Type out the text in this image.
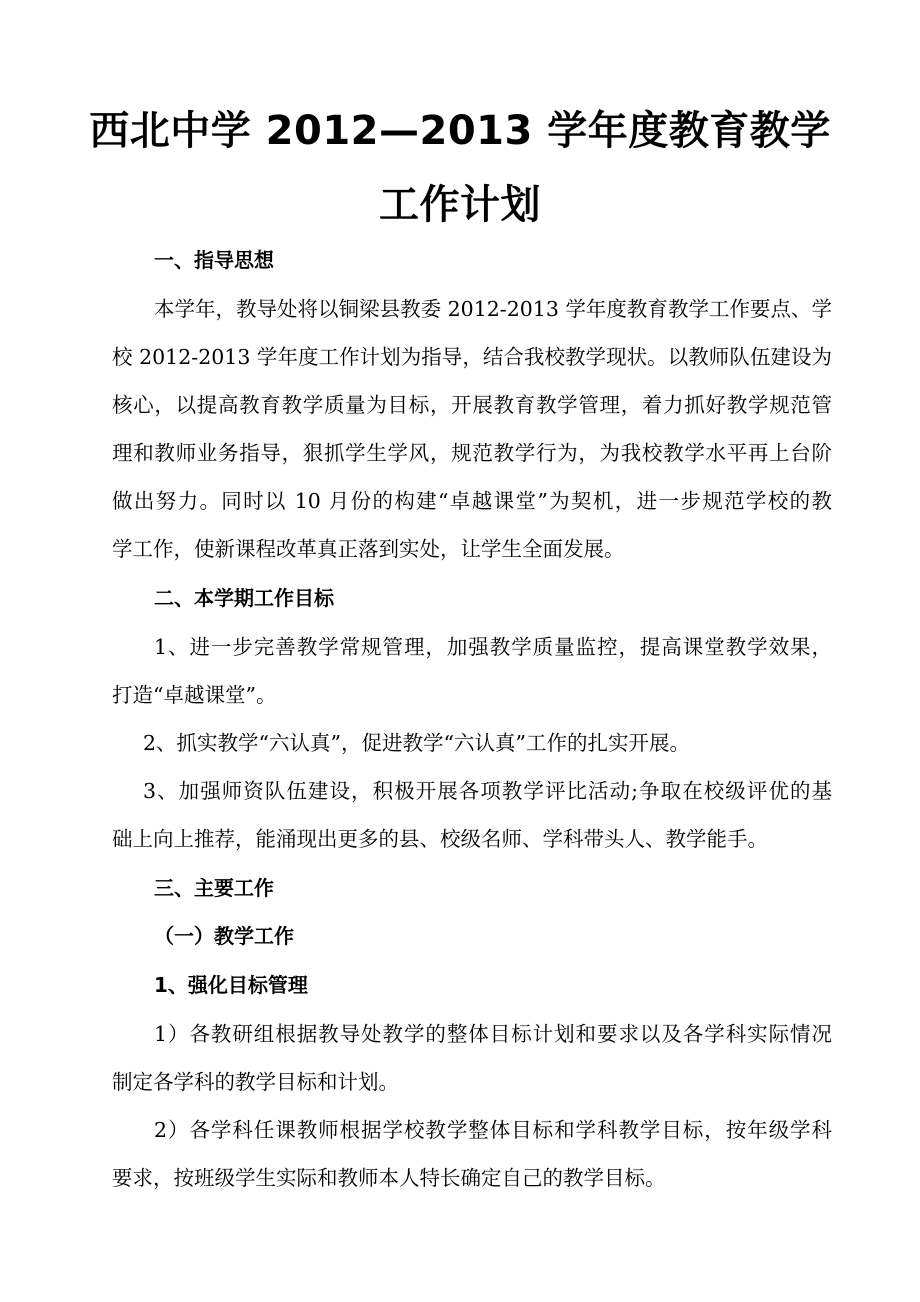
西北中学 2012—2013 学年度教育教学
工作计划
一、指导思想
本学年，教导处将以铜梁县教委 2012-2013 学年度教育教学工作要点、学
校 2012-2013 学年度工作计划为指导，结合我校教学现状。以教师队伍建设为
核心，以提高教育教学质量为目标，开展教育教学管理，着力抓好教学规范管
理和教师业务指导，狠抓学生学风，规范教学行为，为我校教学水平再上台阶
做出努力。同时以 10 月份的构建“卓越课堂”为契机，进一步规范学校的教
学工作，使新课程改革真正落到实处，让学生全面发展。
二、本学期工作目标
1、进一步完善教学常规管理，加强教学质量监控，提高课堂教学效果，
打造“卓越课堂”。
2、抓实教学“六认真”，促进教学“六认真”工作的扎实开展。
3、加强师资队伍建设，积极开展各项教学评比活动;争取在校级评优的基
础上向上推荐，能涌现出更多的县、校级名师、学科带头人、教学能手。
三、主要工作
（一）教学工作
1、强化目标管理
1）各教研组根据教导处教学的整体目标计划和要求以及各学科实际情况
制定各学科的教学目标和计划。
2）各学科任课教师根据学校教学整体目标和学科教学目标，按年级学科
要求，按班级学生实际和教师本人特长确定自己的教学目标。
